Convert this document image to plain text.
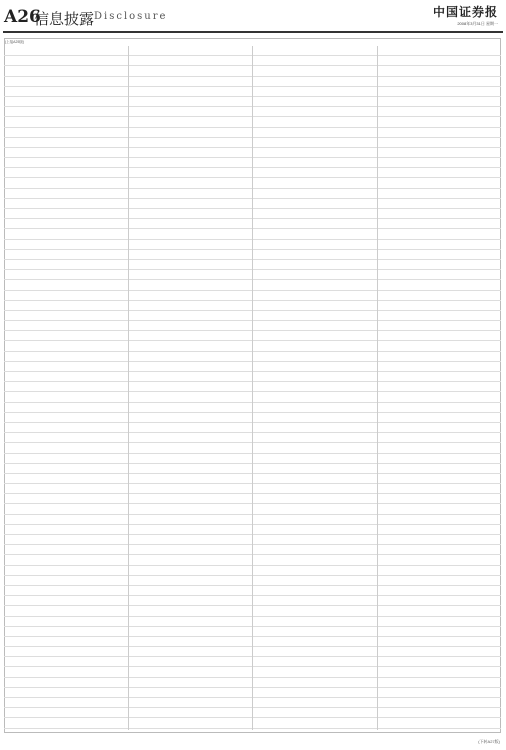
A26
信息披露 Disclosure	中国证券报
2008年3月31日 星期一
(上接A25版)
(下转A27版)
